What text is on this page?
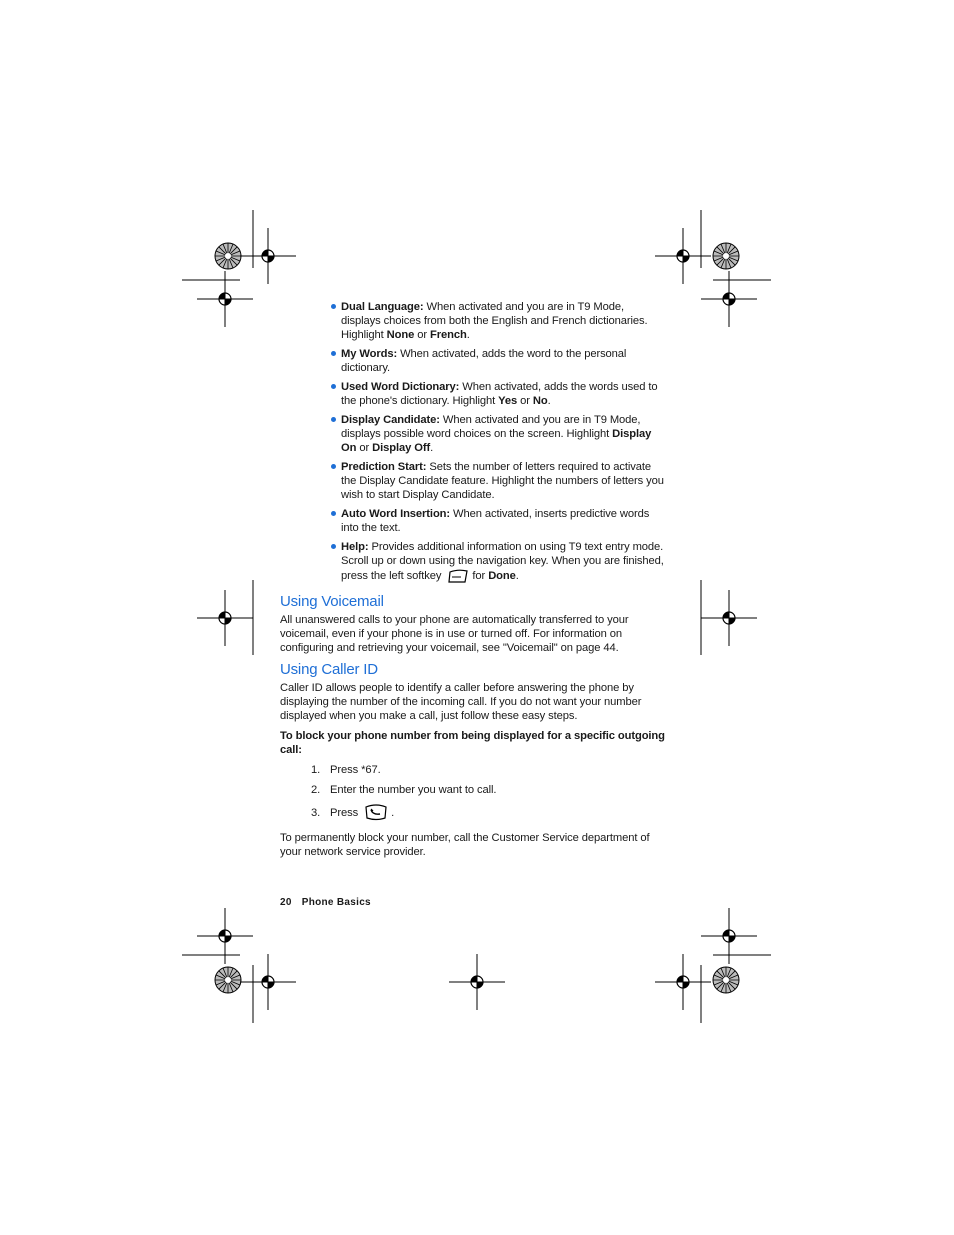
Dual Language: When activated and you are in T9 Mode, displays choices from both the English and French dictionaries. Highlight None or French.
My Words: When activated, adds the word to the personal dictionary.
Used Word Dictionary: When activated, adds the words used to the phone's dictionary. Highlight Yes or No.
Display Candidate: When activated and you are in T9 Mode, displays possible word choices on the screen. Highlight Display On or Display Off.
Prediction Start: Sets the number of letters required to activate the Display Candidate feature. Highlight the numbers of letters you wish to start Display Candidate.
Auto Word Insertion: When activated, inserts predictive words into the text.
Help: Provides additional information on using T9 text entry mode. Scroll up or down using the navigation key. When you are finished, press the left softkey	for Done.
Using Voicemail

All unanswered calls to your phone are automatically transferred to your voicemail, even if your phone is in use or turned off. For information on configuring and retrieving your voicemail, see "Voicemail" on page 44.

Using Caller ID

Caller ID allows people to identify a caller before answering the phone by displaying the number of the incoming call. If you do not want your number displayed when you make a call, just follow these easy steps.

To block your phone number from being displayed for a specific outgoing call:

1. Press *67.
2. Enter the number you want to call.
3. Press	.

To permanently block your number, call the Customer Service department of your network service provider.

20 Phone Basics
